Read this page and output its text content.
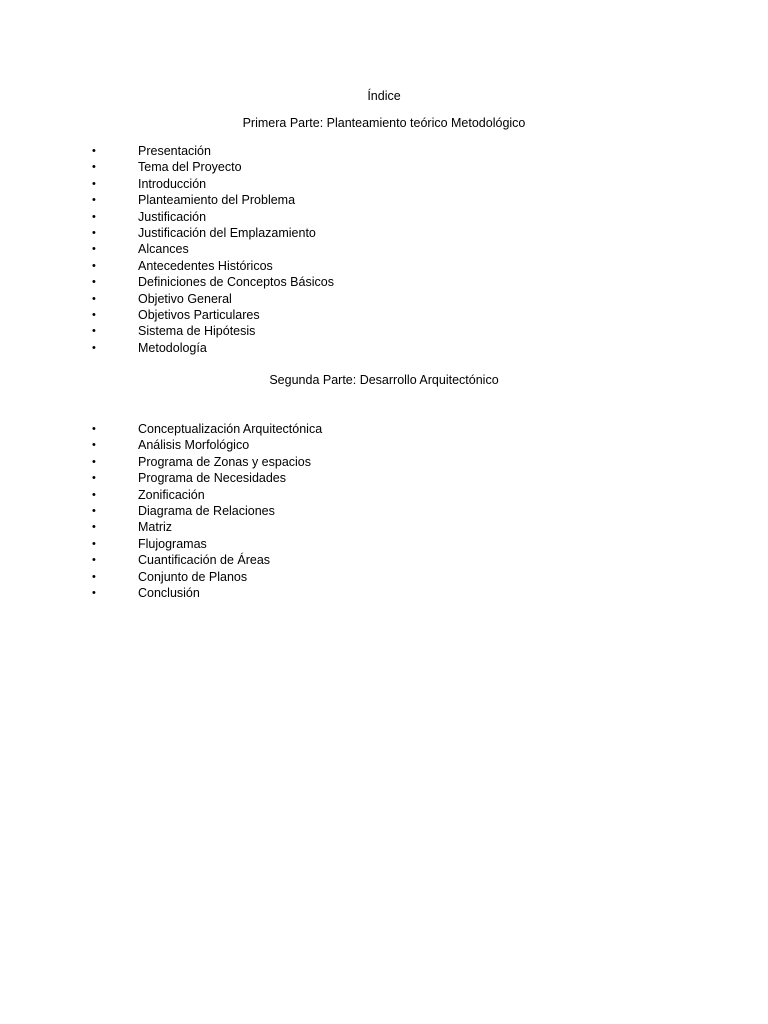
Índice
Primera Parte: Planteamiento teórico Metodológico
•	Presentación
•	Tema del Proyecto
•	Introducción
•	Planteamiento del Problema
•	Justificación
•	Justificación del Emplazamiento
•	Alcances
•	Antecedentes Históricos
•	Definiciones de Conceptos Básicos
•	Objetivo General
•	Objetivos Particulares
•	Sistema de Hipótesis
•	Metodología
Segunda Parte: Desarrollo Arquitectónico
•	Conceptualización Arquitectónica
•	Análisis Morfológico
•	Programa de Zonas y espacios
•	Programa de Necesidades
•	Zonificación
•	Diagrama de Relaciones
•	Matriz
•	Flujogramas
•	Cuantificación de Áreas
•	Conjunto de Planos
•	Conclusión
